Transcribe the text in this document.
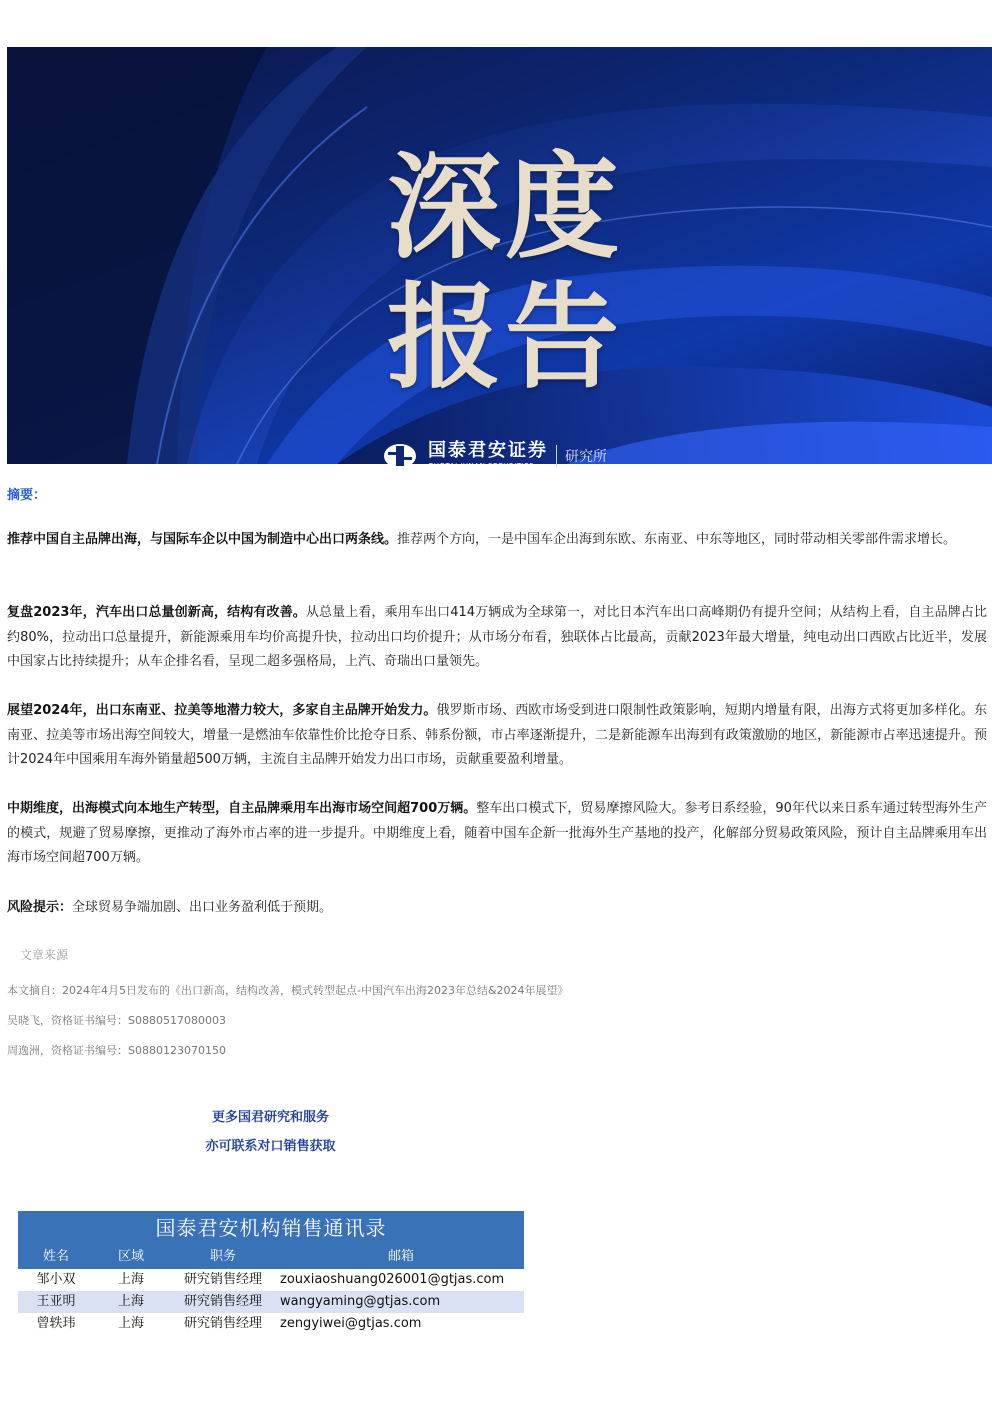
深度
报告
国泰君安证券
GUOTAI JUNAN SECURITIES
研究所
摘要：
推荐中国自主品牌出海，与国际车企以中国为制造中心出口两条线。推荐两个方向，一是中国车企出海到东欧、东南亚、中东等地区，同时带动相关零部件需求增长。
复盘2023年，汽车出口总量创新高，结构有改善。从总量上看，乘用车出口414万辆成为全球第一，对比日本汽车出口高峰期仍有提升空间；从结构上看，自主品牌占比约80%，拉动出口总量提升，新能源乘用车均价高提升快，拉动出口均价提升；从市场分布看，独联体占比最高，贡献2023年最大增量，纯电动出口西欧占比近半，发展中国家占比持续提升；从车企排名看，呈现二超多强格局，上汽、奇瑞出口量领先。
展望2024年，出口东南亚、拉美等地潜力较大，多家自主品牌开始发力。俄罗斯市场、西欧市场受到进口限制性政策影响，短期内增量有限，出海方式将更加多样化。东南亚、拉美等市场出海空间较大，增量一是燃油车依靠性价比抢夺日系、韩系份额，市占率逐渐提升，二是新能源车出海到有政策激励的地区，新能源市占率迅速提升。预计2024年中国乘用车海外销量超500万辆，主流自主品牌开始发力出口市场，贡献重要盈利增量。
中期维度，出海模式向本地生产转型，自主品牌乘用车出海市场空间超700万辆。整车出口模式下，贸易摩擦风险大。参考日系经验，90年代以来日系车通过转型海外生产的模式，规避了贸易摩擦，更推动了海外市占率的进一步提升。中期维度上看，随着中国车企新一批海外生产基地的投产，化解部分贸易政策风险，预计自主品牌乘用车出海市场空间超700万辆。
风险提示：全球贸易争端加剧、出口业务盈利低于预期。
文章来源
本文摘自：2024年4月5日发布的《出口新高，结构改善，模式转型起点-中国汽车出海2023年总结&2024年展望》
吴晓飞，资格证书编号：S0880517080003
周逸洲，资格证书编号：S0880123070150
更多国君研究和服务
亦可联系对口销售获取
国泰君安机构销售通讯录
姓名	区域	职务	邮箱
邹小双	上海	研究销售经理	zouxiaoshuang026001@gtjas.com
王亚明	上海	研究销售经理	wangyaming@gtjas.com
曾轶玮	上海	研究销售经理	zengyiwei@gtjas.com
